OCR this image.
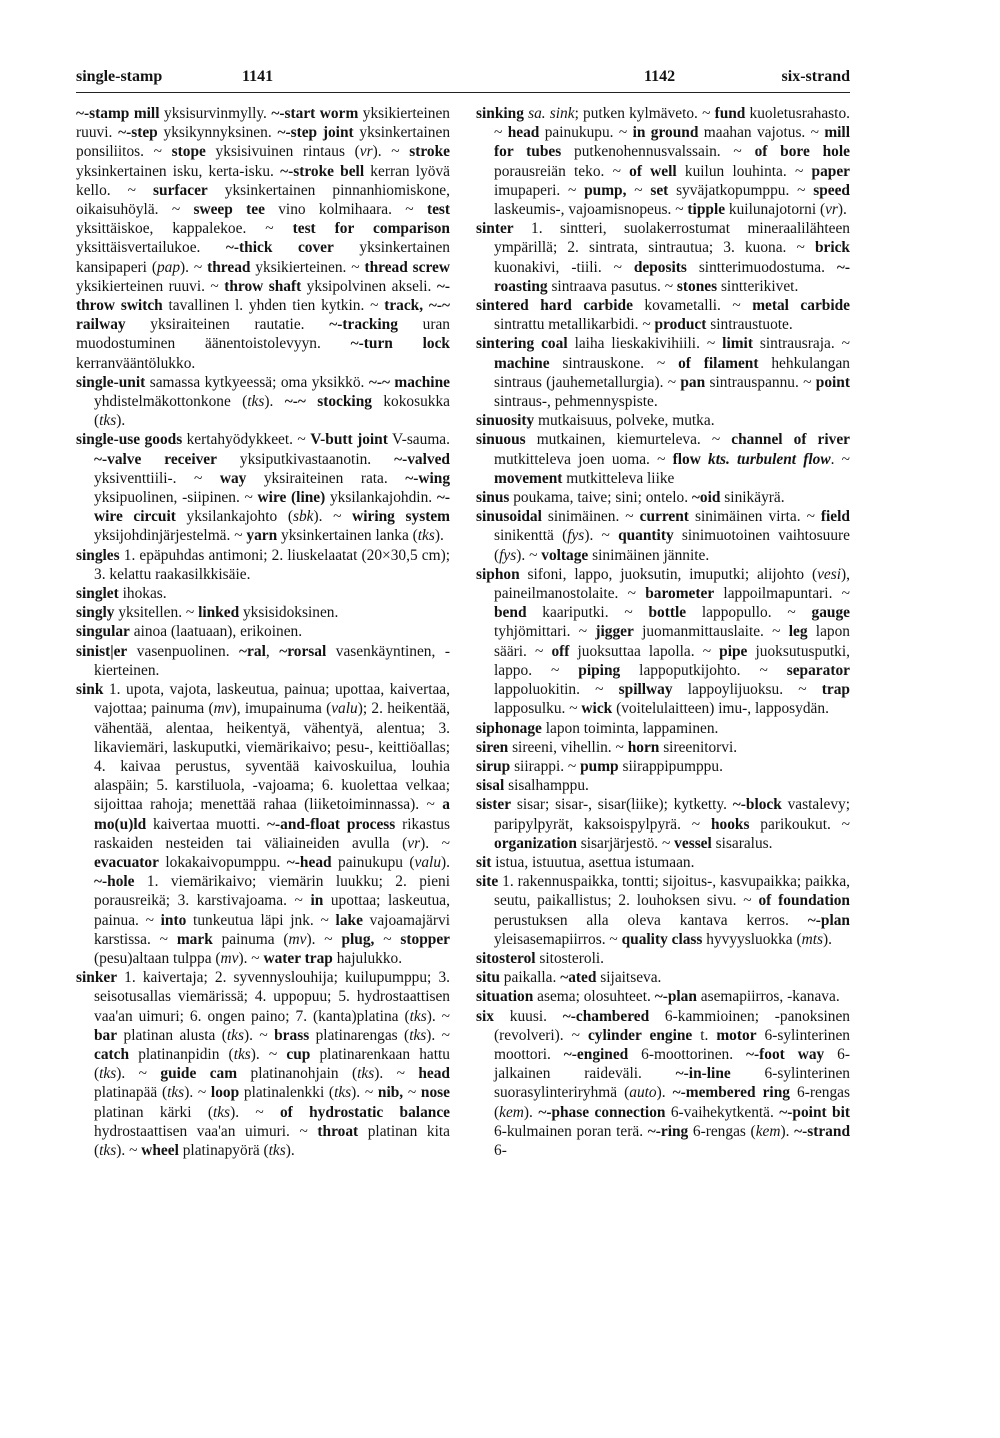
single-stamp	1141	1142	six-strand

~-stamp mill yksisurvinmylly. ~-start worm yksikierteinen ruuvi. ~-step yksikynnyksinen. ~-step joint yksinkertainen ponsiliitos. ~ stope yksisivuinen rintaus (vr). ~ stroke yksinkertainen isku, kerta-isku. ~-stroke bell kerran lyövä kello. ~ surfacer yksinkertainen pinnanhiomiskone, oikaisuhöylä. ~ sweep tee vino kolmihaara. ~ test yksittäiskoe, kappalekoe. ~ test for comparison yksittäisvertailukoe. ~-thick cover yksinkertainen kansipaperi (pap). ~ thread yksikierteinen. ~ thread screw yksikierteinen ruuvi. ~ throw shaft yksipolvinen akseli. ~-throw switch tavallinen l. yhden tien kytkin. ~ track, ~-~ railway yksiraiteinen rautatie. ~-tracking uran muodostuminen äänentoistolevyyn. ~-turn lock kerranvääntölukko.

single-unit samassa kytkyeessä; oma yksikkö. ~-~ machine yhdistelmäkottonkone (tks). ~-~ stocking kokosukka (tks).

single-use goods kertahyödykkeet. ~ V-butt joint V-sauma. ~-valve receiver yksiputkivastaanotin. ~-valved yksiventtiili-. ~ way yksiraiteinen rata. ~-wing yksipuolinen, -siipinen. ~ wire (line) yksilankajohdin. ~-wire circuit yksilankajohto (sbk). ~ wiring system yksijohdinjärjestelmä. ~ yarn yksinkertainen lanka (tks).

singles 1. epäpuhdas antimoni; 2. liuskelaatat (20×30,5 cm); 3. kelattu raakasilkkisäie.

singlet ihokas.

singly yksitellen. ~ linked yksisidoksinen.

singular ainoa (laatuaan), erikoinen.

sinist|er vasenpuolinen. ~ral, ~rorsal vasenkäyntinen, -kierteinen.

sink 1. upota, vajota, laskeutua, painua; upottaa, kaivertaa, vajottaa; painuma (mv), imupainuma (valu); 2. heikentää, vähentää, alentaa, heikentyä, vähentyä, alentua; 3. likaviemäri, laskuputki, viemärikaivo; pesu-, keittiöallas; 4. kaivaa perustus, syventää kaivoskuilua, louhia alaspäin; 5. karstiluola, -vajoama; 6. kuolettaa velkaa; sijoittaa rahoja; menettää rahaa (liiketoiminnassa). ~ a mo(u)ld kaivertaa muotti. ~-and-float process rikastus raskaiden nesteiden tai väliaineiden avulla (vr). ~ evacuator lokakaivopumppu. ~-head painukupu (valu). ~-hole 1. viemärikaivo; viemärin luukku; 2. pieni porausreikä; 3. karstivajoama. ~ in upottaa; laskeutua, painua. ~ into tunkeutua läpi jnk. ~ lake vajoamajärvi karstissa. ~ mark painuma (mv). ~ plug, ~ stopper (pesu)altaan tulppa (mv). ~ water trap hajulukko.

sinker 1. kaivertaja; 2. syvennyslouhija; kuilupumppu; 3. seisotusallas viemärissä; 4. uppopuu; 5. hydrostaattisen vaa'an uimuri; 6. ongen paino; 7. (kanta)platina (tks). ~ bar platinan alusta (tks). ~ brass platinarengas (tks). ~ catch platinanpidin (tks). ~ cup platinarenkaan hattu (tks). ~ guide cam platinanohjain (tks). ~ head platinapää (tks). ~ loop platinalenkki (tks). ~ nib, ~ nose platinan kärki (tks). ~ of hydrostatic balance hydrostaattisen vaa'an uimuri. ~ throat platinan kita (tks). ~ wheel platinapyörä (tks).

sinking sa. sink; putken kylmäveto. ~ fund kuoletusrahasto. ~ head painukupu. ~ in ground maahan vajotus. ~ mill for tubes putkenohennusvalssain. ~ of bore hole porausreiän teko. ~ of well kuilun louhinta. ~ paper imupaperi. ~ pump, ~ set syväjatkopumppu. ~ speed laskeumis-, vajoamisnopeus. ~ tipple kuilunajotorni (vr).

sinter 1. sintteri, suolakerrostumat mineraalilähteen ympärillä; 2. sintrata, sintrautua; 3. kuona. ~ brick kuonakivi, -tiili. ~ deposits sintterimuodostuma. ~-roasting sintraava pasutus. ~ stones sintterikivet.

sintered hard carbide kovametalli. ~ metal carbide sintrattu metallikarbidi. ~ product sintraustuote.

sintering coal laiha lieskakivihiili. ~ limit sintrausraja. ~ machine sintrauskone. ~ of filament hehkulangan sintraus (jauhemetallurgia). ~ pan sintrauspannu. ~ point sintraus-, pehmennyspiste.

sinuosity mutkaisuus, polveke, mutka.

sinuous mutkainen, kiemurteleva. ~ channel of river mutkitteleva joen uoma. ~ flow kts. turbulent flow. ~ movement mutkitteleva liike

sinus poukama, taive; sini; ontelo. ~oid sinikäyrä.

sinusoidal sinimäinen. ~ current sinimäinen virta. ~ field sinikenttä (fys). ~ quantity sinimuotoinen vaihtosuure (fys). ~ voltage sinimäinen jännite.

siphon sifoni, lappo, juoksutin, imuputki; alijohto (vesi), paineilmanostolaite. ~ barometer lappoilmapuntari. ~ bend kaariputki. ~ bottle lappopullo. ~ gauge tyhjömittari. ~ jigger juomanmittauslaite. ~ leg lapon sääri. ~ off juoksuttaa lapolla. ~ pipe juoksutusputki, lappo. ~ piping lappoputkijohto. ~ separator lappoluokitin. ~ spillway lappoylijuoksu. ~ trap lapposulku. ~ wick (voitelulaitteen) imu-, lapposydän.

siphonage lapon toiminta, lappaminen.

siren sireeni, vihellin. ~ horn sireenitorvi.

sirup siirappi. ~ pump siirappipumppu.

sisal sisalhamppu.

sister sisar; sisar-, sisar(liike); kytketty. ~-block vastalevy; paripylpyrät, kaksoispylpyrä. ~ hooks parikoukut. ~ organization sisarjärjestö. ~ vessel sisaralus.

sit istua, istuutua, asettua istumaan.

site 1. rakennuspaikka, tontti; sijoitus-, kasvupaikka; paikka, seutu, paikallistus; 2. louhoksen sivu. ~ of foundation perustuksen alla oleva kantava kerros. ~-plan yleisasemapiirros. ~ quality class hyvyysluokka (mts).

sitosterol sitosteroli.

situ paikalla. ~ated sijaitseva.

situation asema; olosuhteet. ~-plan asemapiirros, -kanava.

six kuusi. ~-chambered 6-kammioinen; -panoksinen (revolveri). ~ cylinder engine t. motor 6-sylinterinen moottori. ~-engined 6-moottorinen. ~-foot way 6-jalkainen raideväli. ~-in-line 6-sylinterinen suorasylinteriryhmä (auto). ~-membered ring 6-rengas (kem). ~-phase connection 6-vaihekytkentä. ~-point bit 6-kulmainen poran terä. ~-ring 6-rengas (kem). ~-strand 6-
